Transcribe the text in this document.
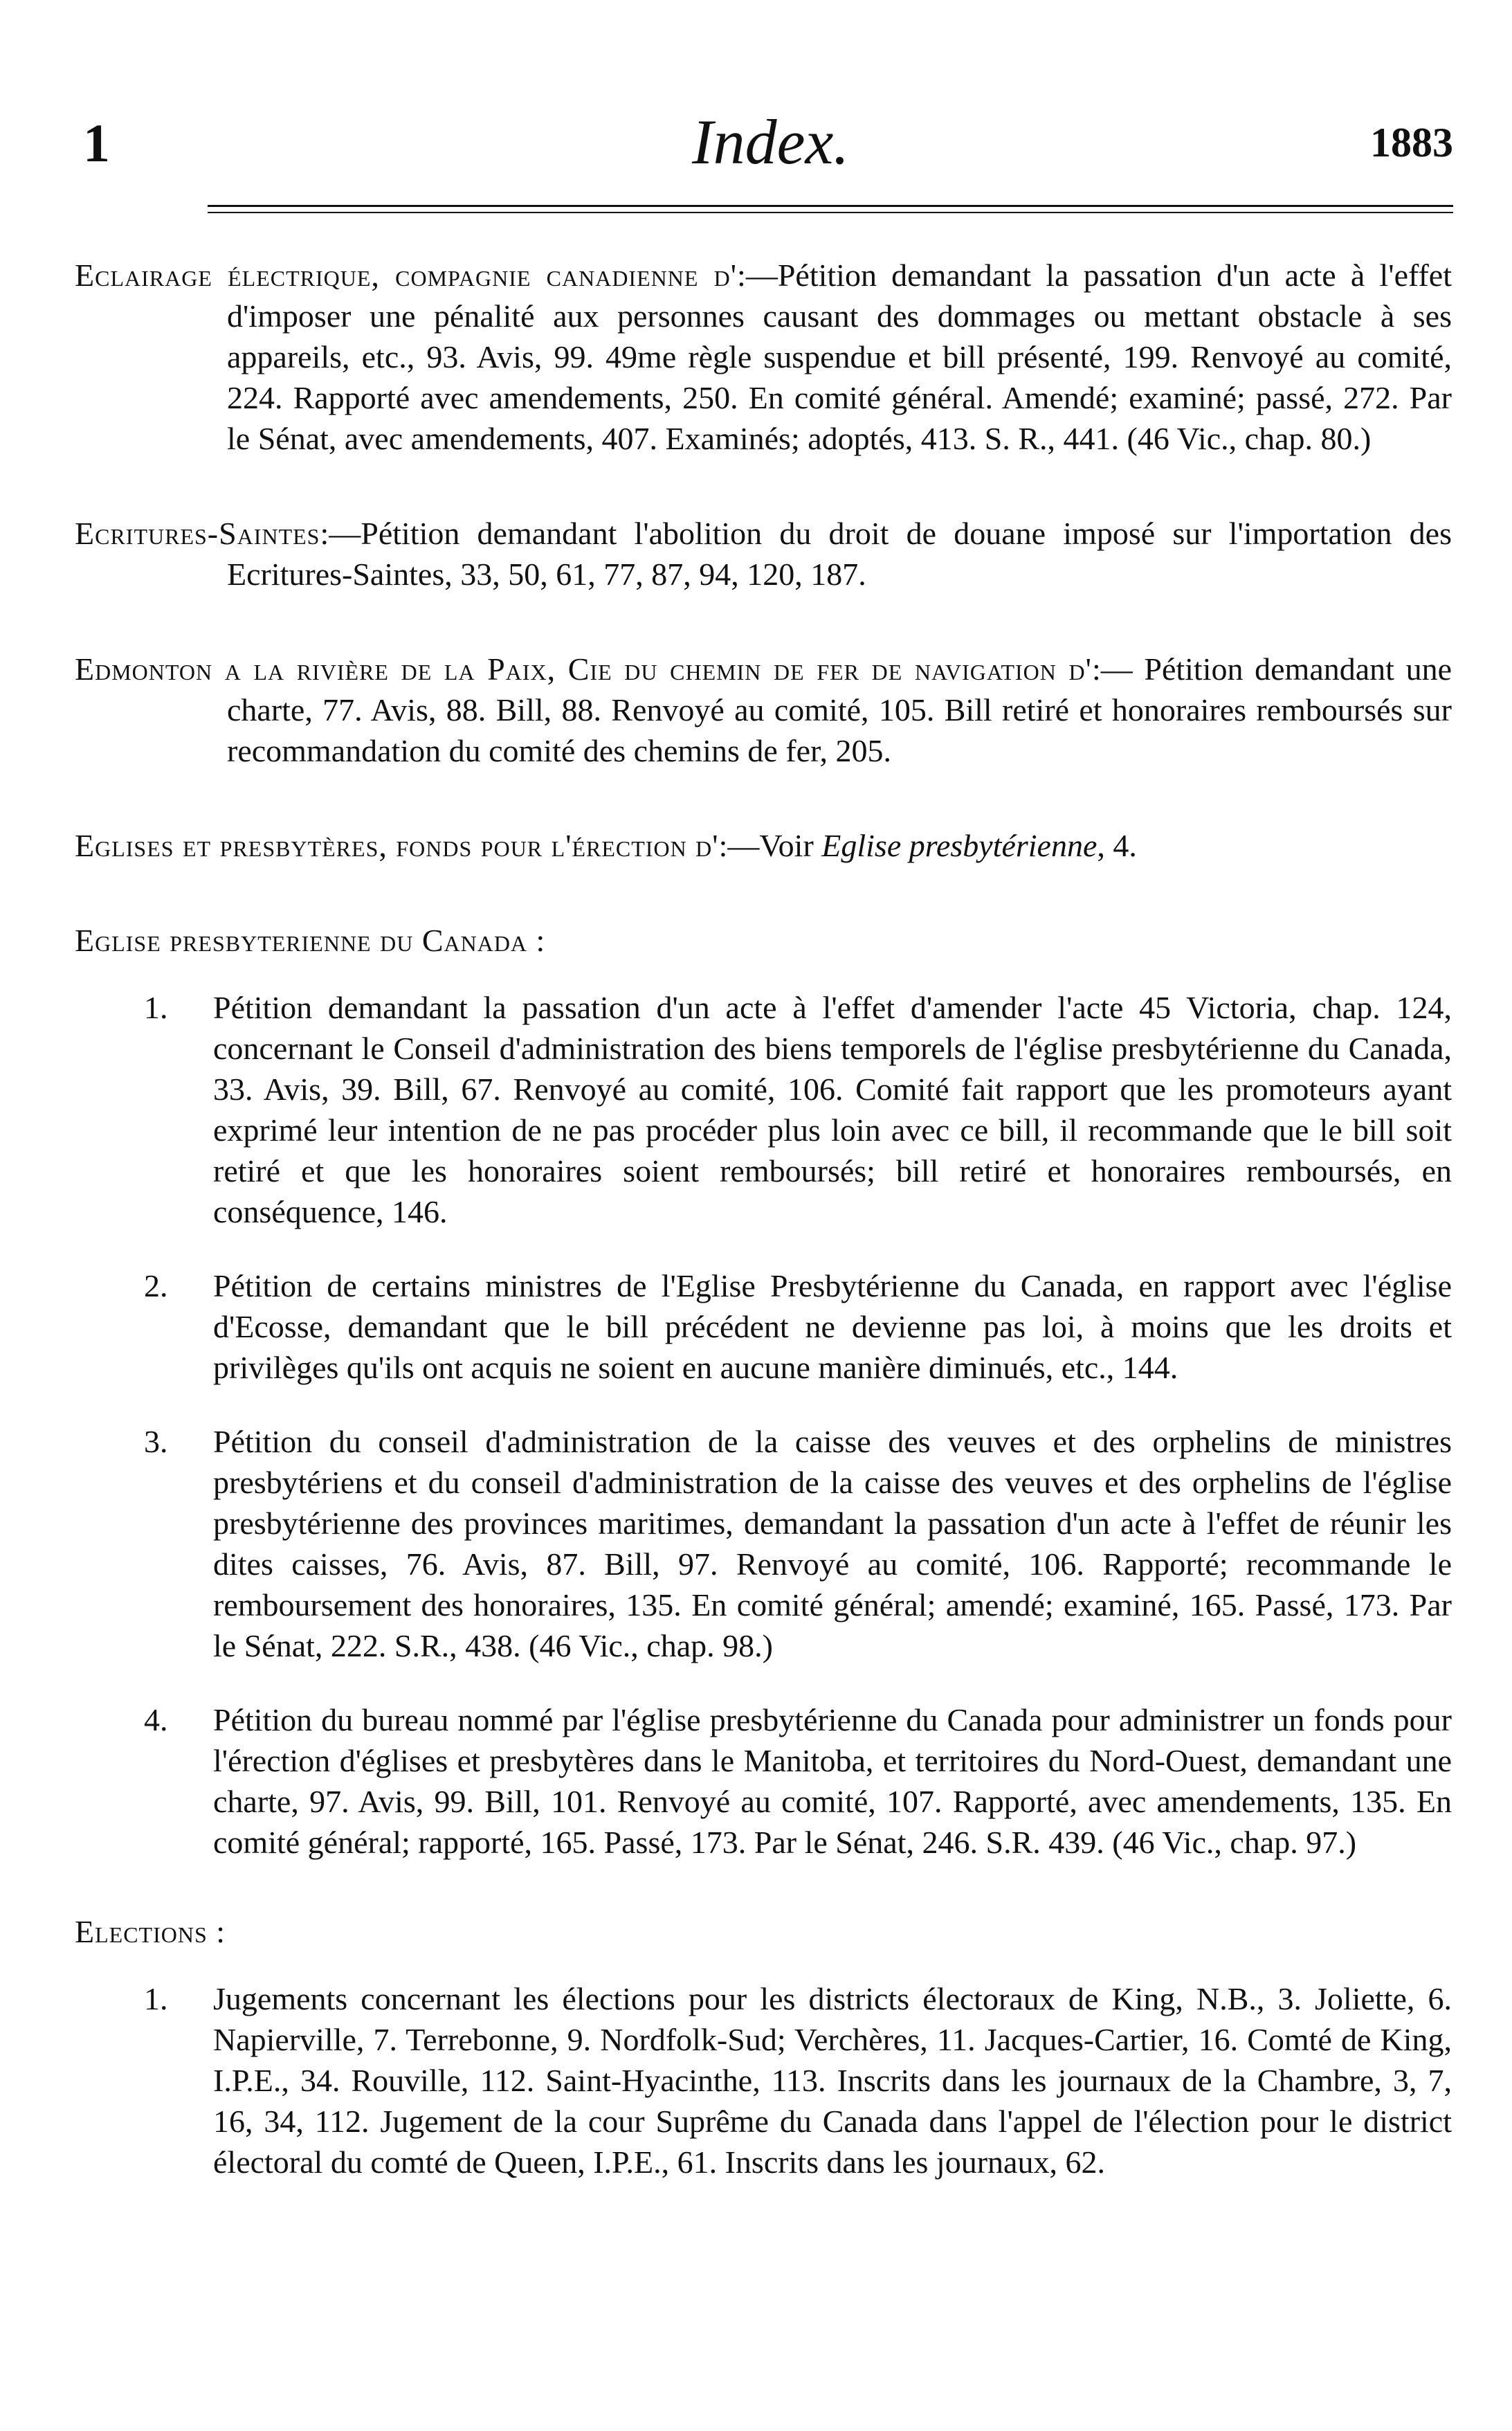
1	Index.	1883

Eclairage électrique, compagnie canadienne d':—Pétition demandant la passation d'un acte à l'effet d'imposer une pénalité aux personnes causant des dommages ou mettant obstacle à ses appareils, etc., 93. Avis, 99. 49me règle suspendue et bill présenté, 199. Renvoyé au comité, 224. Rapporté avec amendements, 250. En comité général. Amendé; examiné; passé, 272. Par le Sénat, avec amendements, 407. Examinés; adoptés, 413. S. R., 441. (46 Vic., chap. 80.)

Ecritures-Saintes:—Pétition demandant l'abolition du droit de douane imposé sur l'importation des Ecritures-Saintes, 33, 50, 61, 77, 87, 94, 120, 187.

Edmonton a la rivière de la Paix, Cie du chemin de fer de navigation d':— Pétition demandant une charte, 77. Avis, 88. Bill, 88. Renvoyé au comité, 105. Bill retiré et honoraires remboursés sur recommandation du comité des chemins de fer, 205.

Eglises et presbytères, fonds pour l'érection d':—Voir Eglise presbytérienne, 4.

Eglise presbyterienne du Canada :
1. Pétition demandant la passation d'un acte à l'effet d'amender l'acte 45 Victoria, chap. 124, concernant le Conseil d'administration des biens temporels de l'église presbytérienne du Canada, 33. Avis, 39. Bill, 67. Renvoyé au comité, 106. Comité fait rapport que les promoteurs ayant exprimé leur intention de ne pas procéder plus loin avec ce bill, il recommande que le bill soit retiré et que les honoraires soient remboursés; bill retiré et honoraires remboursés, en conséquence, 146.
2. Pétition de certains ministres de l'Eglise Presbytérienne du Canada, en rapport avec l'église d'Ecosse, demandant que le bill précédent ne devienne pas loi, à moins que les droits et privilèges qu'ils ont acquis ne soient en aucune manière diminués, etc., 144.
3. Pétition du conseil d'administration de la caisse des veuves et des orphelins de ministres presbytériens et du conseil d'administration de la caisse des veuves et des orphelins de l'église presbytérienne des provinces maritimes, demandant la passation d'un acte à l'effet de réunir les dites caisses, 76. Avis, 87. Bill, 97. Renvoyé au comité, 106. Rapporté; recommande le remboursement des honoraires, 135. En comité général; amendé; examiné, 165. Passé, 173. Par le Sénat, 222. S.R., 438. (46 Vic., chap. 98.)
4. Pétition du bureau nommé par l'église presbytérienne du Canada pour administrer un fonds pour l'érection d'églises et presbytères dans le Manitoba, et territoires du Nord-Ouest, demandant une charte, 97. Avis, 99. Bill, 101. Renvoyé au comité, 107. Rapporté, avec amendements, 135. En comité général; rapporté, 165. Passé, 173. Par le Sénat, 246. S.R. 439. (46 Vic., chap. 97.)
Elections :
1. Jugements concernant les élections pour les districts électoraux de King, N.B., 3. Joliette, 6. Napierville, 7. Terrebonne, 9. Nordfolk-Sud; Verchères, 11. Jacques-Cartier, 16. Comté de King, I.P.E., 34. Rouville, 112. Saint-Hyacinthe, 113. Inscrits dans les journaux de la Chambre, 3, 7, 16, 34, 112. Jugement de la cour Suprême du Canada dans l'appel de l'élection pour le district électoral du comté de Queen, I.P.E., 61. Inscrits dans les journaux, 62.
